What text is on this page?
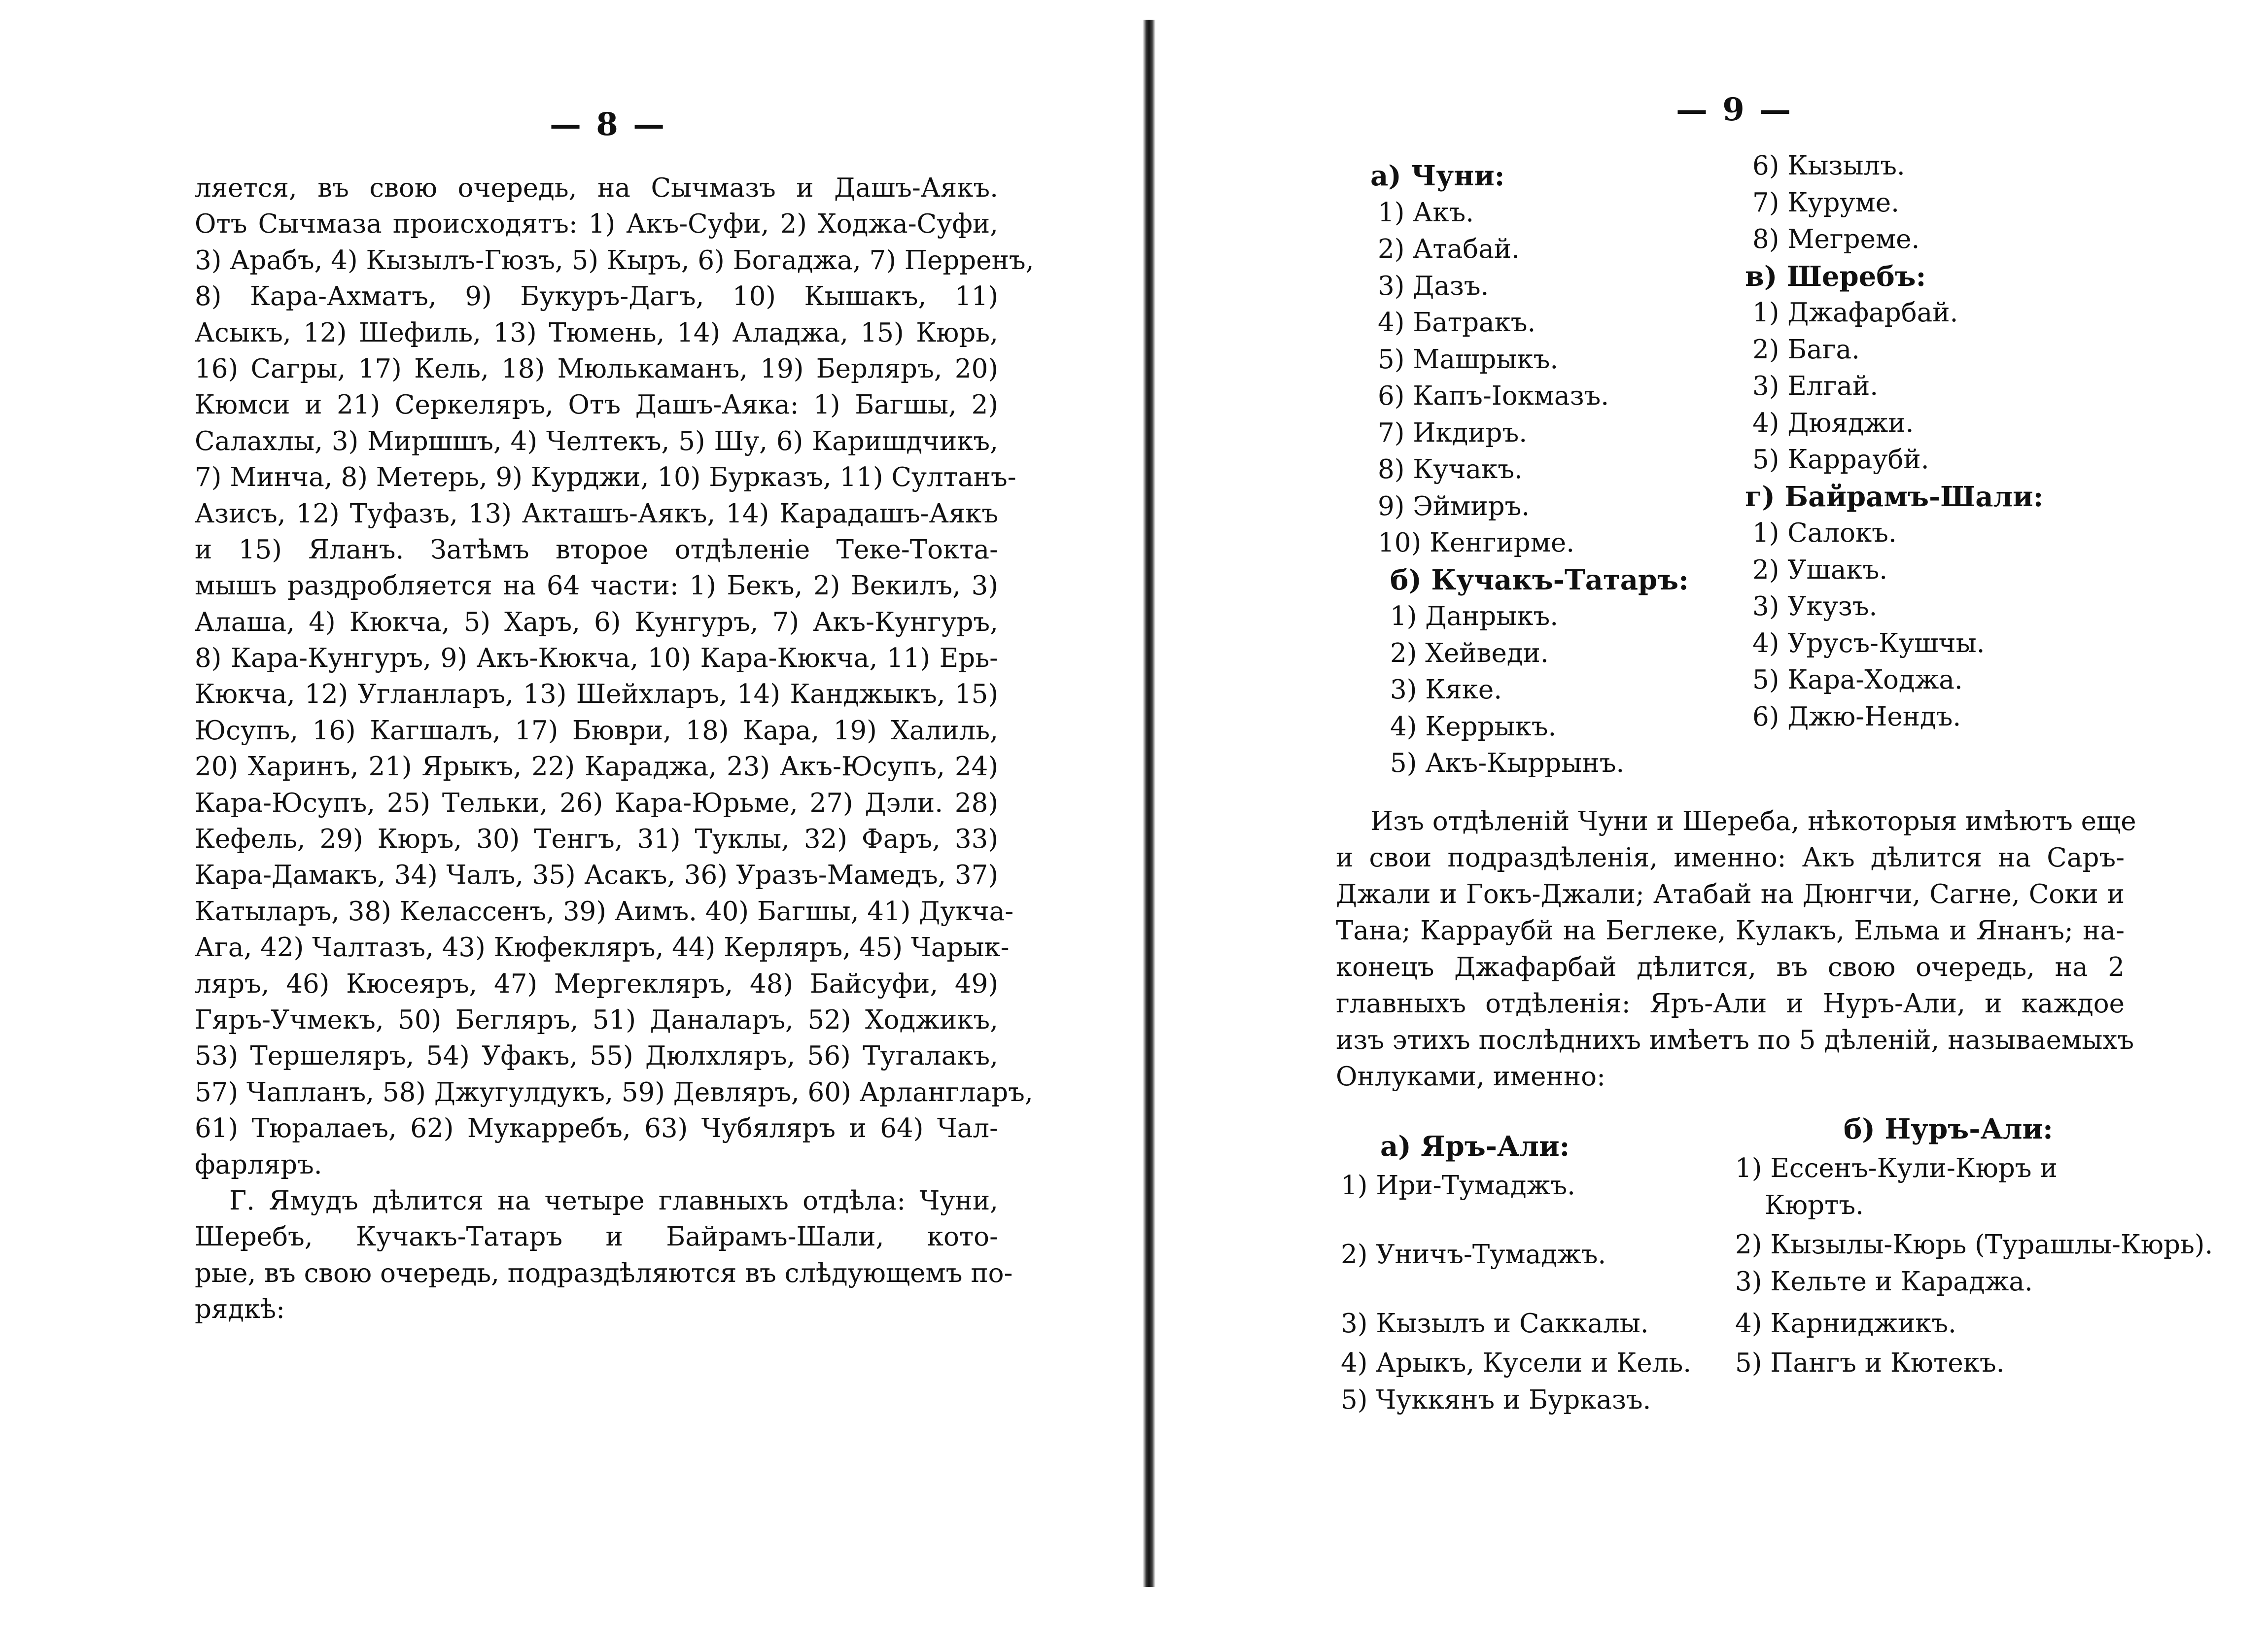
— 8 —
ляется, въ свою очередь, на Сычмазъ и Дашъ-Аякъ.
Отъ Сычмаза происходятъ: 1) Акъ-Суфи, 2) Ходжа-Суфи,
3) Арабъ, 4) Кызылъ-Гюзъ, 5) Кыръ, 6) Богаджа, 7) Перренъ,
8) Кара-Ахматъ, 9) Букуръ-Дагъ, 10) Кышакъ, 11)
Асыкъ, 12) Шефиль, 13) Тюмень, 14) Аладжа, 15) Кюрь,
16) Сагры, 17) Кель, 18) Мюлькаманъ, 19) Берляръ, 20)
Кюмси и 21) Серкеляръ, Отъ Дашъ-Аяка: 1) Багшы, 2)
Салахлы, 3) Миршшъ, 4) Челтекъ, 5) Шу, 6) Каришдчикъ,
7) Минча, 8) Метерь, 9) Курджи, 10) Бурказъ, 11) Султанъ-
Азисъ, 12) Туфазъ, 13) Акташъ-Аякъ, 14) Карадашъ-Аякъ
и 15) Яланъ. Затѣмъ второе отдѣленіе Теке-Токта-
мышъ раздробляется на 64 части: 1) Бекъ, 2) Векилъ, 3)
Алаша, 4) Кюкча, 5) Харъ, 6) Кунгуръ, 7) Акъ-Кунгуръ,
8) Кара-Кунгуръ, 9) Акъ-Кюкча, 10) Кара-Кюкча, 11) Ерь-
Кюкча, 12) Угланларъ, 13) Шейхларъ, 14) Канджыкъ, 15)
Юсупъ, 16) Кагшалъ, 17) Бюври, 18) Кара, 19) Халиль,
20) Харинъ, 21) Ярыкъ, 22) Караджа, 23) Акъ-Юсупъ, 24)
Кара-Юсупъ, 25) Тельки, 26) Кара-Юрьме, 27) Дэли. 28)
Кефель, 29) Кюръ, 30) Тенгъ, 31) Туклы, 32) Фаръ, 33)
Кара-Дамакъ, 34) Чалъ, 35) Асакъ, 36) Уразъ-Мамедъ, 37)
Катыларъ, 38) Келассенъ, 39) Аимъ. 40) Багшы, 41) Дукча-
Ага, 42) Чалтазъ, 43) Кюфекляръ, 44) Керляръ, 45) Чарык-
ляръ, 46) Кюсеяръ, 47) Мергекляръ, 48) Байсуфи, 49)
Гяръ-Учмекъ, 50) Бегляръ, 51) Даналаръ, 52) Ходжикъ,
53) Тершеляръ, 54) Уфакъ, 55) Дюлхляръ, 56) Тугалакъ,
57) Чапланъ, 58) Джугулдукъ, 59) Девляръ, 60) Арлангларъ,
61) Тюралаеъ, 62) Мукарребъ, 63) Чубяляръ и 64) Чал-
фарляръ.
Г. Ямудъ дѣлится на четыре главныхъ отдѣла: Чуни,
Шеребъ, Кучакъ-Татаръ и Байрамъ-Шали, кото-
рые, въ свою очередь, подраздѣляются въ слѣдующемъ по-
рядкѣ:
— 9 —
а) Чуни:
1) Акъ.
2) Атабай.
3) Дазъ.
4) Батракъ.
5) Машрыкъ.
6) Капъ-Іокмазъ.
7) Икдиръ.
8) Кучакъ.
9) Эймиръ.
10) Кенгирме.
б) Кучакъ-Татаръ:
1) Данрыкъ.
2) Хейведи.
3) Кяке.
4) Керрыкъ.
5) Акъ-Кыррынъ.
6) Кызылъ.
7) Куруме.
8) Мегреме.
в) Шеребъ:
1) Джафарбай.
2) Бага.
3) Елгай.
4) Дюяджи.
5) Карраубй.
г) Байрамъ-Шали:
1) Салокъ.
2) Ушакъ.
3) Укузъ.
4) Урусъ-Кушчы.
5) Кара-Ходжа.
6) Джю-Нендъ.
Изъ отдѣленій Чуни и Шереба, нѣкоторыя имѣютъ еще
и свои подраздѣленія, именно: Акъ дѣлится на Саръ-
Джали и Гокъ-Джали; Атабай на Дюнгчи, Сагне, Соки и
Тана; Карраубй на Беглеке, Кулакъ, Ельма и Янанъ; на-
конецъ Джафарбай дѣлится, въ свою очередь, на 2
главныхъ отдѣленія: Яръ-Али и Нуръ-Али, и каждое
изъ этихъ послѣднихъ имѣетъ по 5 дѣленій, называемыхъ
Онлуками, именно:
а) Яръ-Али:
1) Ири-Тумаджъ.
2) Уничъ-Тумаджъ.
3) Кызылъ и Саккалы.
4) Арыкъ, Кусели и Кель.
5) Чуккянъ и Бурказъ.
б) Нуръ-Али:
1) Ессенъ-Кули-Кюръ и
Кюртъ.
2) Кызылы-Кюрь (Турашлы-Кюрь).
3) Кельте и Караджа.
4) Карниджикъ.
5) Пангъ и Кютекъ.
